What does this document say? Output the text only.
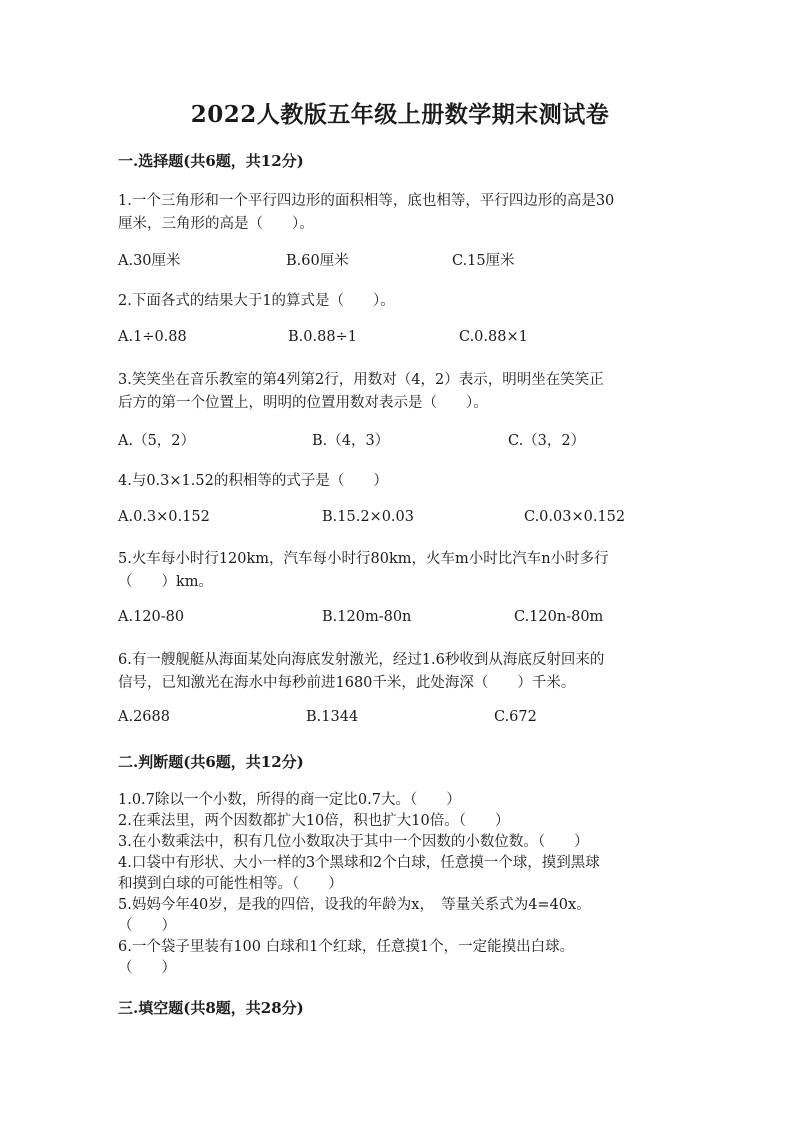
2022人教版五年级上册数学期末测试卷
一.选择题(共6题，共12分)
1.一个三角形和一个平行四边形的面积相等，底也相等，平行四边形的高是30
厘米，三角形的高是（　　）。
A.30厘米	B.60厘米	C.15厘米
2.下面各式的结果大于1的算式是（　　）。
A.1÷0.88	B.0.88÷1	C.0.88×1
3.笑笑坐在音乐教室的第4列第2行，用数对（4，2）表示，明明坐在笑笑正
后方的第一个位置上，明明的位置用数对表示是（　　）。
A.（5，2）	B.（4，3）	C.（3，2）
4.与0.3×1.52的积相等的式子是（　　）
A.0.3×0.152	B.15.2×0.03	C.0.03×0.152
5.火车每小时行120km，汽车每小时行80km，火车m小时比汽车n小时多行
（　　）km。
A.120-80	B.120m-80n	C.120n-80m
6.有一艘舰艇从海面某处向海底发射激光，经过1.6秒收到从海底反射回来的
信号，已知激光在海水中每秒前进1680千米，此处海深（　　）千米。
A.2688	B.1344	C.672
二.判断题(共6题，共12分)
1.0.7除以一个小数，所得的商一定比0.7大。（　　）
2.在乘法里，两个因数都扩大10倍，积也扩大10倍。（　　）
3.在小数乘法中，积有几位小数取决于其中一个因数的小数位数。（　　）
4.口袋中有形状、大小一样的3个黑球和2个白球，任意摸一个球，摸到黑球
和摸到白球的可能性相等。（　　）
5.妈妈今年40岁，是我的四倍，设我的年龄为x，　等量关系式为4=40x。
（　　）
6.一个袋子里装有100 白球和1个红球，任意摸1个，一定能摸出白球。
（　　）
三.填空题(共8题，共28分)
